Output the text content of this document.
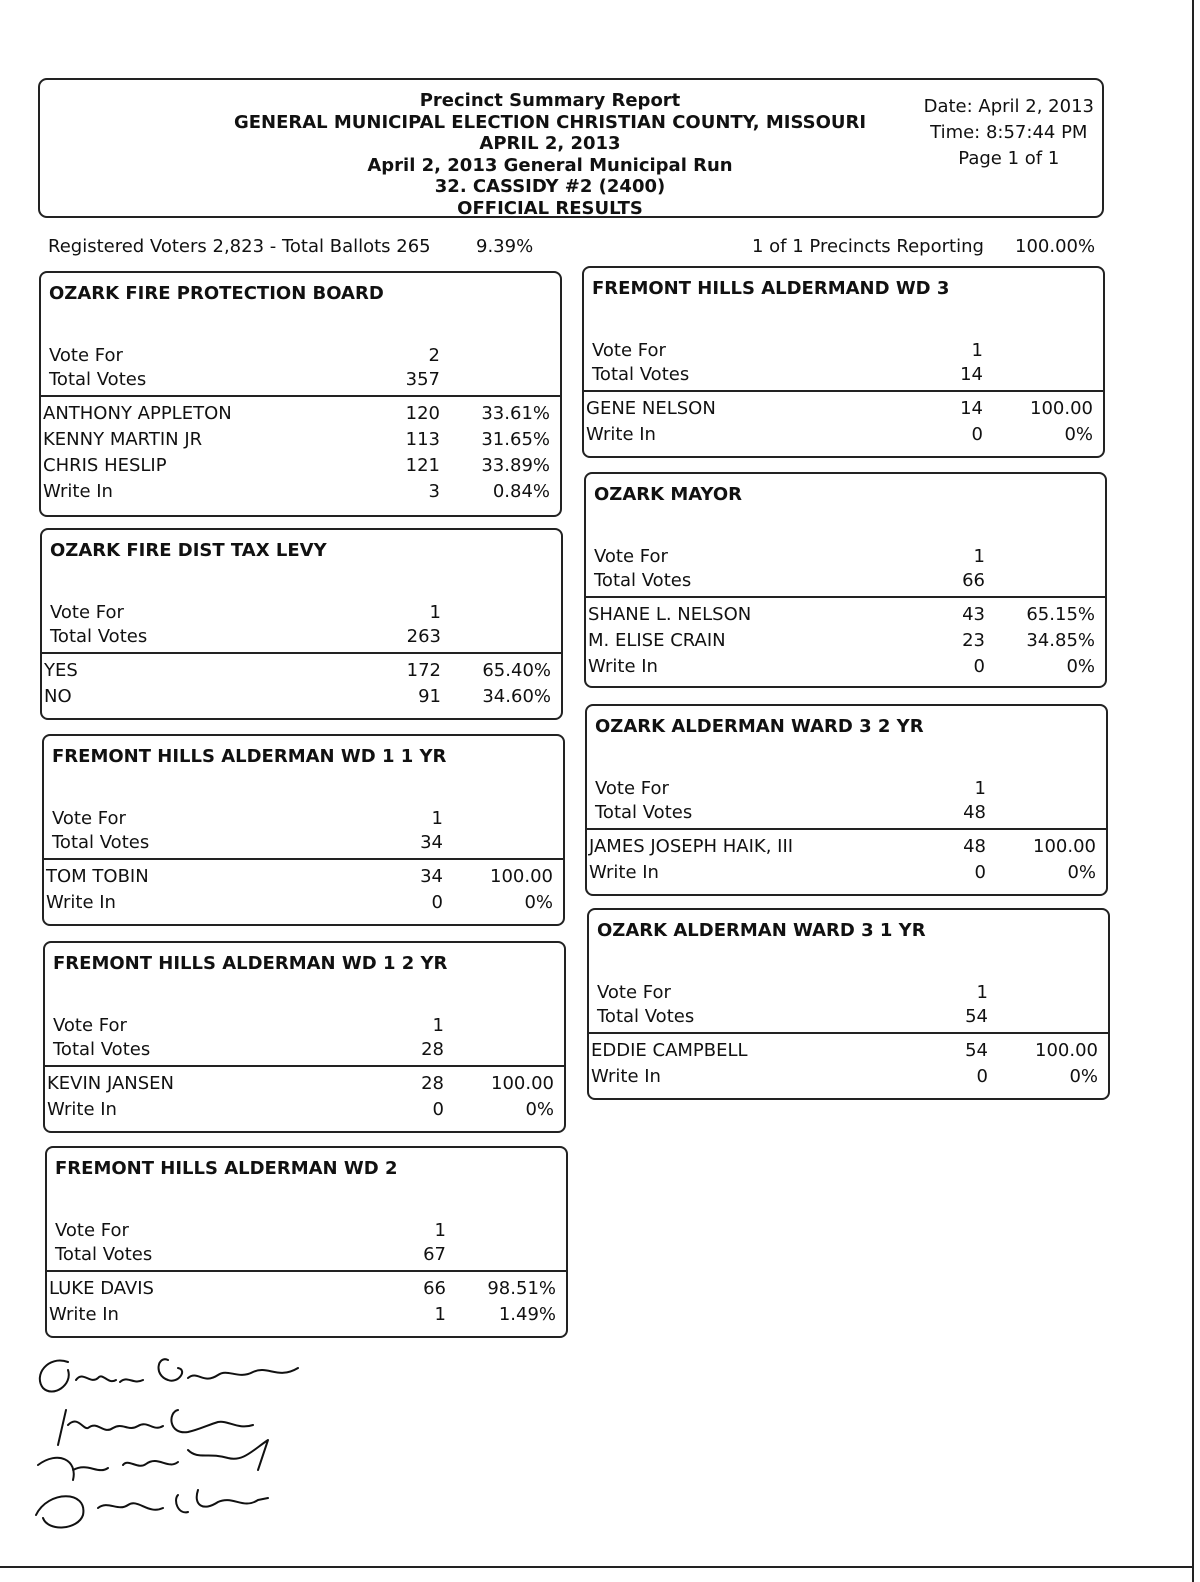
Precinct Summary Report
GENERAL MUNICIPAL ELECTION CHRISTIAN COUNTY, MISSOURI
APRIL 2, 2013
April 2, 2013 General Municipal Run
32. CASSIDY #2 (2400)
OFFICIAL RESULTS
Date: April 2, 2013
Time: 8:57:44 PM
Page 1 of 1
Registered Voters 2,823 - Total Ballots 265	9.39%	1 of 1 Precincts Reporting 100.00%
OZARK FIRE PROTECTION BOARD
Vote For	2
Total Votes	357
ANTHONY APPLETON	120 33.61%
KENNY MARTIN JR	113 31.65%
CHRIS HESLIP	121 33.89%
Write In	3	0.84%
OZARK FIRE DIST TAX LEVY
Vote For	1
Total Votes	263
YES	172 65.40%
NO	91 34.60%
FREMONT HILLS ALDERMAN WD 1 1 YR
Vote For	1
Total Votes	34
TOM TOBIN	34	100.00
Write In	0	0%
FREMONT HILLS ALDERMAN WD 1 2 YR
Vote For	1
Total Votes	28
KEVIN JANSEN	28	100.00
Write In	0	0%
FREMONT HILLS ALDERMAN WD 2
Vote For	1
Total Votes	67
LUKE DAVIS	66 98.51%
Write In	1	1.49%
FREMONT HILLS ALDERMAND WD 3
Vote For	1
Total Votes	14
GENE NELSON	14	100.00
Write In	0	0%
OZARK MAYOR
Vote For	1
Total Votes	66
SHANE L. NELSON	43 65.15%
M. ELISE CRAIN	23 34.85%
Write In	0	0%
OZARK ALDERMAN WARD 3 2 YR
Vote For	1
Total Votes	48
JAMES JOSEPH HAIK, III	48	100.00
Write In	0	0%
OZARK ALDERMAN WARD 3 1 YR
Vote For	1
Total Votes	54
EDDIE CAMPBELL	54	100.00
Write In	0	0%
